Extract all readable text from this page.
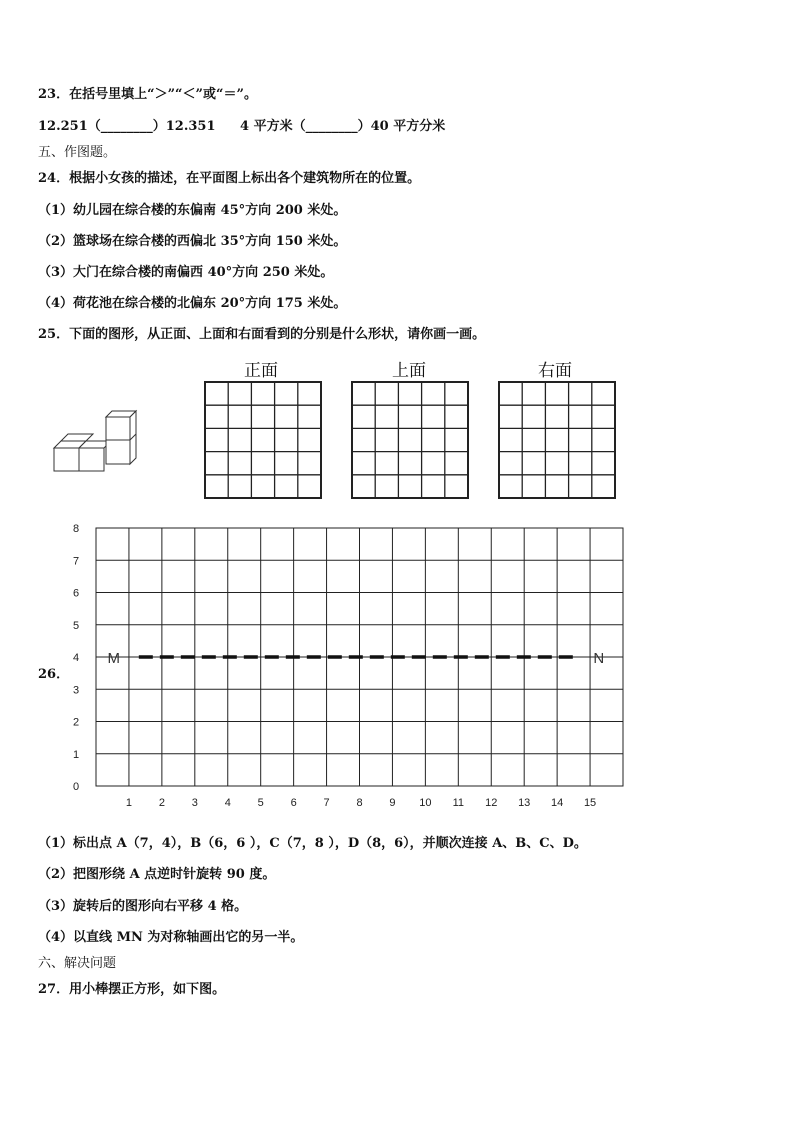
23．在括号里填上“＞”“＜”或“＝”。
12.251（________）12.351 4 平方米（________）40 平方分米
五、作图题。
24．根据小女孩的描述，在平面图上标出各个建筑物所在的位置。
（1）幼儿园在综合楼的东偏南 45°方向 200 米处。
（2）篮球场在综合楼的西偏北 35°方向 150 米处。
（3）大门在综合楼的南偏西 40°方向 250 米处。
（4）荷花池在综合楼的北偏东 20°方向 175 米处。
25．下面的图形，从正面、上面和右面看到的分别是什么形状，请你画一画。
正面	上面	右面
8
7
6
5
4
3
2
1
0
1 2 3 4 5 6 7 8 9 10 11 12 13 14 15
M	N
26．
（1）标出点 A（7，4），B（6，6 ），C（7，8 ），D（8，6），并顺次连接 A、B、C、D。
（2）把图形绕 A 点逆时针旋转 90 度。
（3）旋转后的图形向右平移 4 格。
（4）以直线 MN 为对称轴画出它的另一半。
六、解决问题
27．用小棒摆正方形，如下图。
